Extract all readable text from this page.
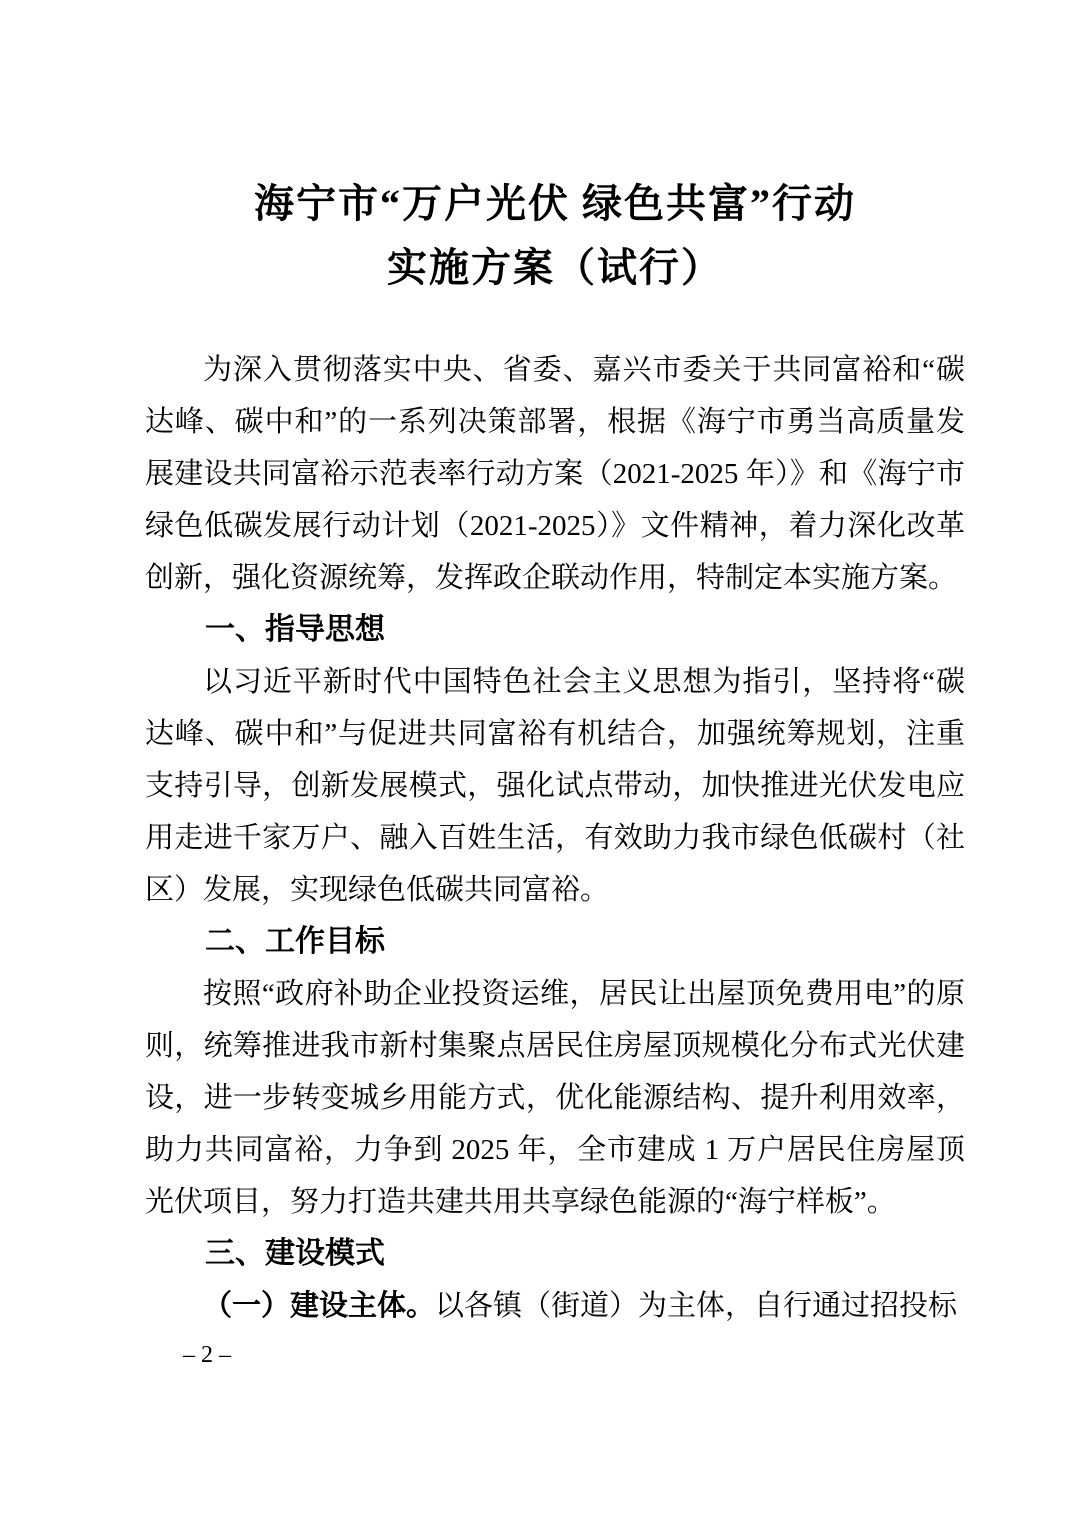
海宁市“万户光伏 绿色共富”行动
实施方案（试行）

为深入贯彻落实中央、省委、嘉兴市委关于共同富裕和“碳达峰、碳中和”的一系列决策部署，根据《海宁市勇当高质量发展建设共同富裕示范表率行动方案（2021-2025 年）》和《海宁市绿色低碳发展行动计划（2021-2025）》文件精神，着力深化改革创新，强化资源统筹，发挥政企联动作用，特制定本实施方案。

一、指导思想

以习近平新时代中国特色社会主义思想为指引，坚持将“碳达峰、碳中和”与促进共同富裕有机结合，加强统筹规划，注重支持引导，创新发展模式，强化试点带动，加快推进光伏发电应用走进千家万户、融入百姓生活，有效助力我市绿色低碳村（社区）发展，实现绿色低碳共同富裕。

二、工作目标

按照“政府补助企业投资运维，居民让出屋顶免费用电”的原则，统筹推进我市新村集聚点居民住房屋顶规模化分布式光伏建设，进一步转变城乡用能方式，优化能源结构、提升利用效率，助力共同富裕，力争到 2025 年，全市建成 1 万户居民住房屋顶光伏项目，努力打造共建共用共享绿色能源的“海宁样板”。

三、建设模式

（一）建设主体。以各镇（街道）为主体，自行通过招投标

– 2 –
